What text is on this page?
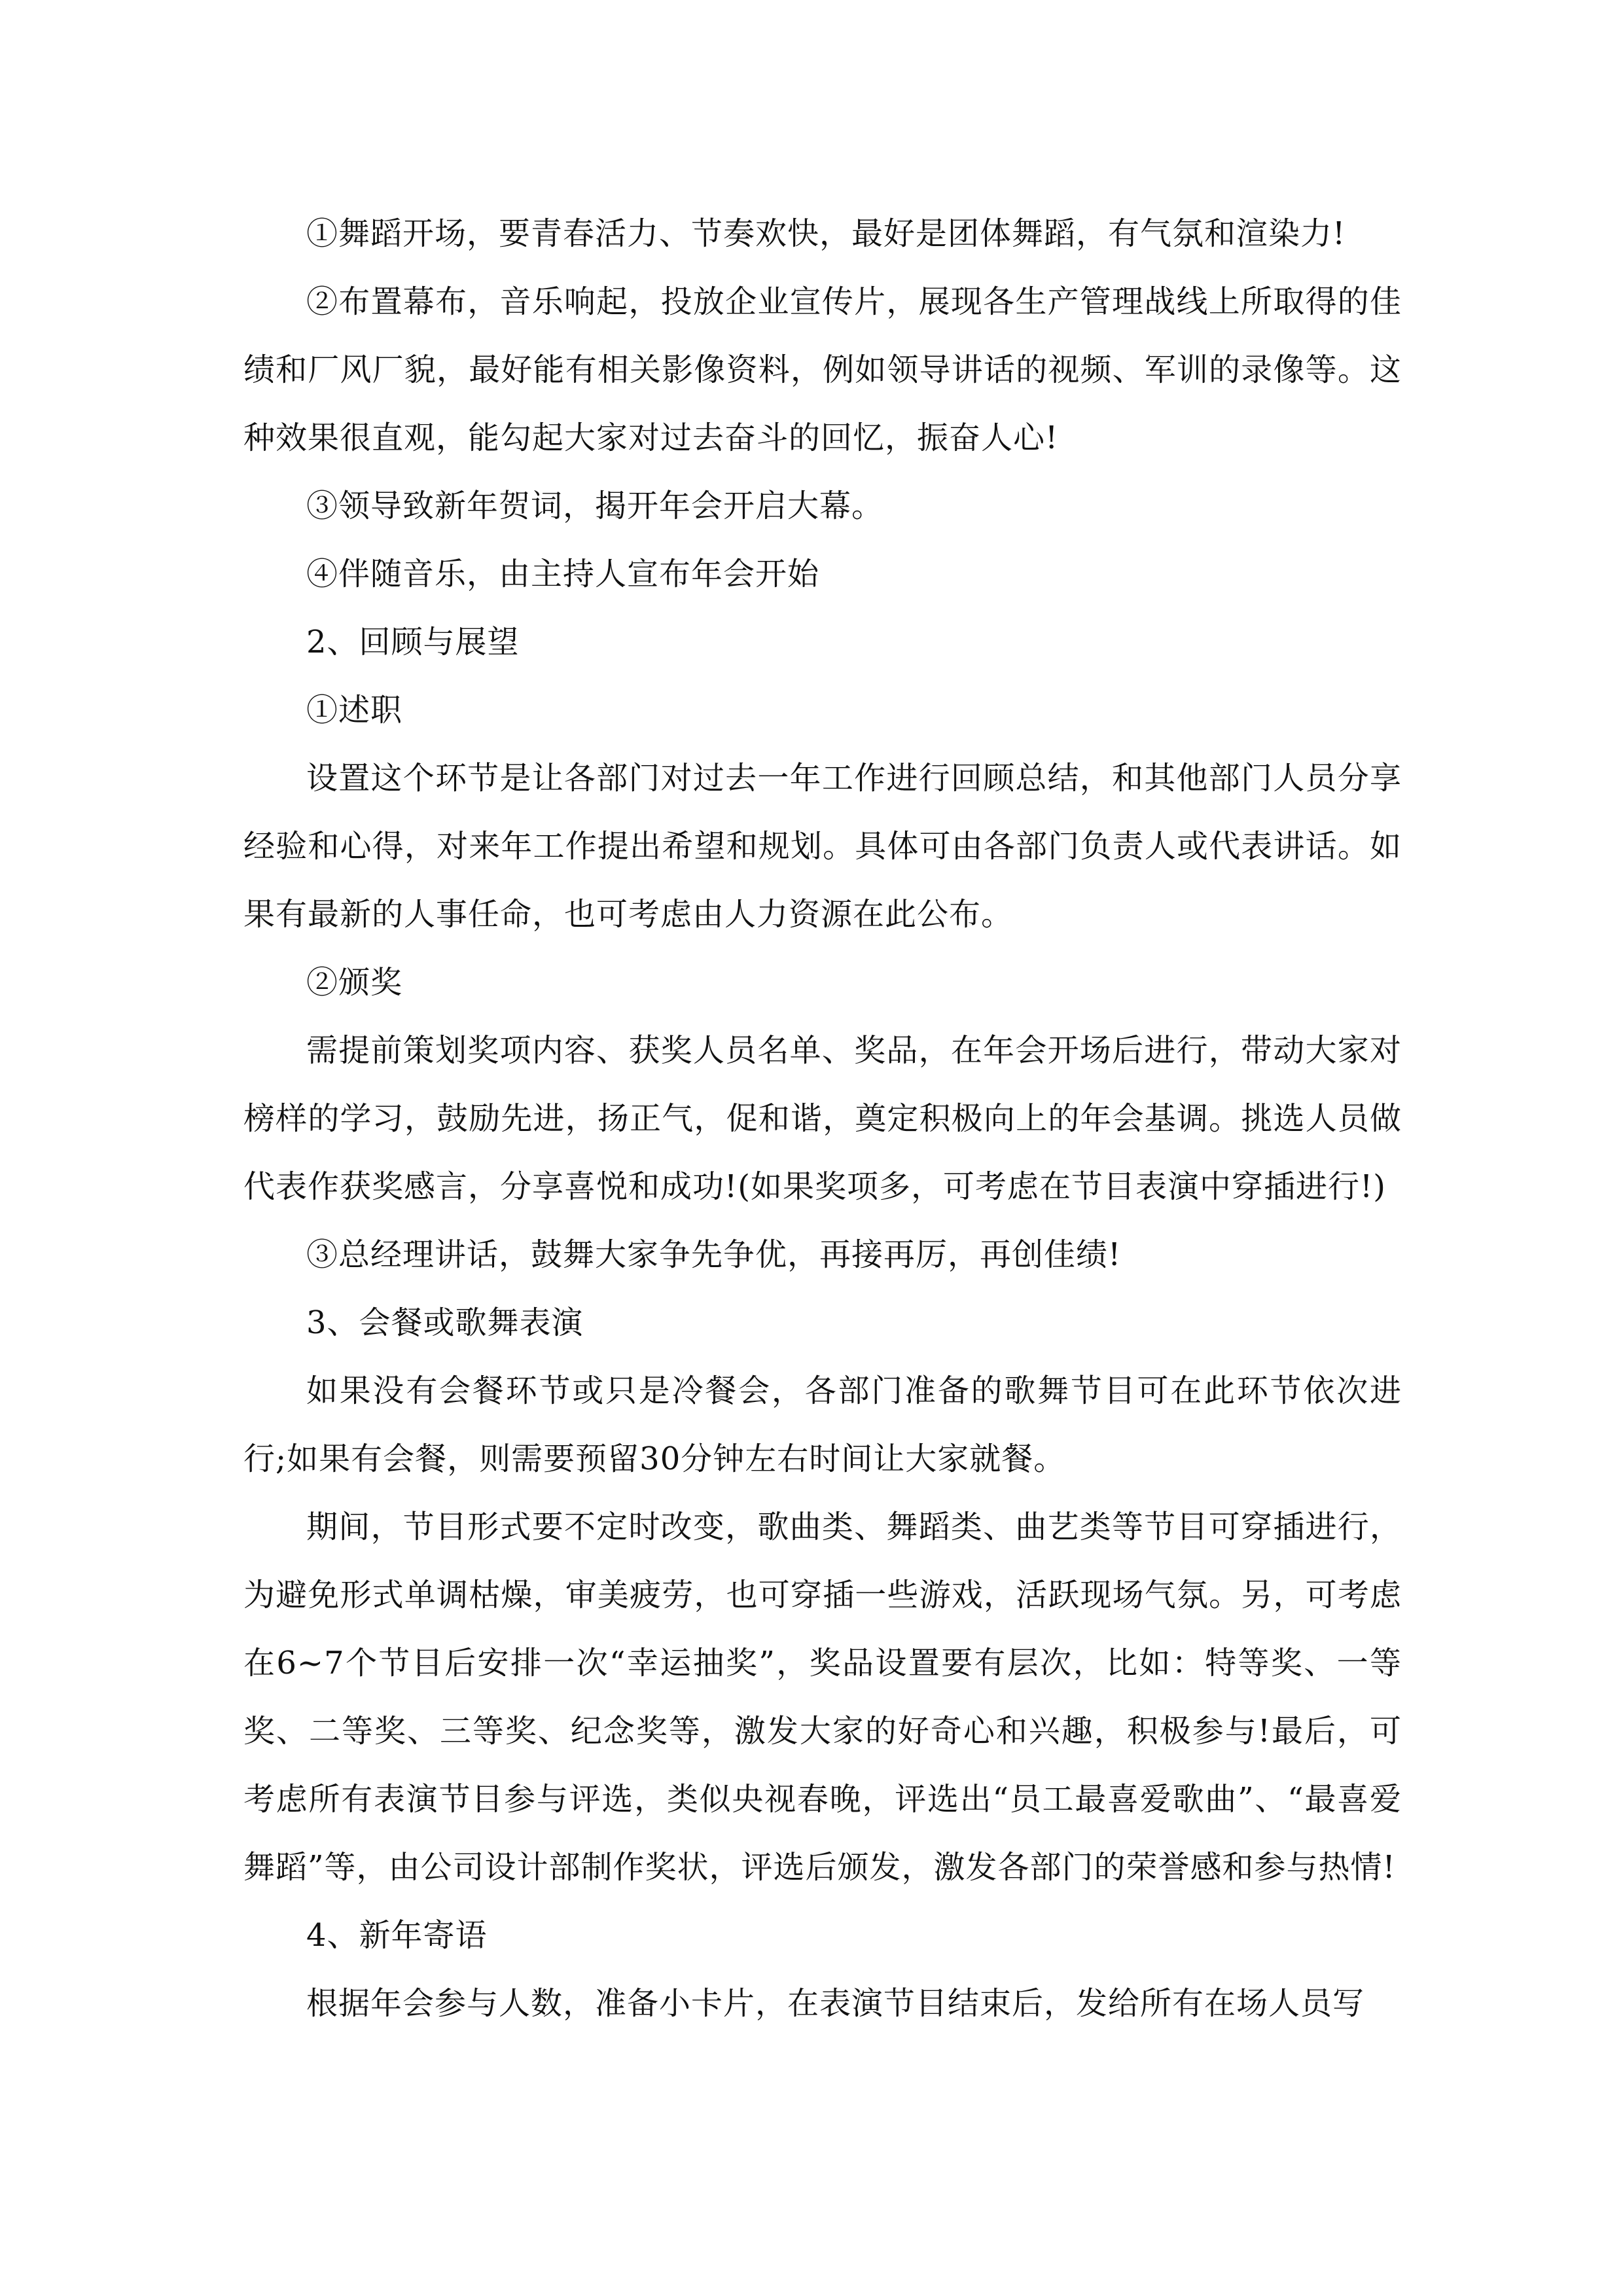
①舞蹈开场，要青春活力、节奏欢快，最好是团体舞蹈，有气氛和渲染力!

②布置幕布，音乐响起，投放企业宣传片，展现各生产管理战线上所取得的佳绩和厂风厂貌，最好能有相关影像资料，例如领导讲话的视频、军训的录像等。这种效果很直观，能勾起大家对过去奋斗的回忆，振奋人心!

③领导致新年贺词，揭开年会开启大幕。

④伴随音乐，由主持人宣布年会开始

2、回顾与展望

①述职

设置这个环节是让各部门对过去一年工作进行回顾总结，和其他部门人员分享经验和心得，对来年工作提出希望和规划。具体可由各部门负责人或代表讲话。如果有最新的人事任命，也可考虑由人力资源在此公布。

②颁奖

需提前策划奖项内容、获奖人员名单、奖品，在年会开场后进行，带动大家对榜样的学习，鼓励先进，扬正气，促和谐，奠定积极向上的年会基调。挑选人员做代表作获奖感言，分享喜悦和成功!(如果奖项多，可考虑在节目表演中穿插进行!)

③总经理讲话，鼓舞大家争先争优，再接再厉，再创佳绩!

3、会餐或歌舞表演

如果没有会餐环节或只是冷餐会，各部门准备的歌舞节目可在此环节依次进行;如果有会餐，则需要预留30分钟左右时间让大家就餐。

期间，节目形式要不定时改变，歌曲类、舞蹈类、曲艺类等节目可穿插进行，为避免形式单调枯燥，审美疲劳，也可穿插一些游戏，活跃现场气氛。另，可考虑在6~7个节目后安排一次“幸运抽奖”，奖品设置要有层次，比如：特等奖、一等奖、二等奖、三等奖、纪念奖等，激发大家的好奇心和兴趣，积极参与!最后，可考虑所有表演节目参与评选，类似央视春晚，评选出“员工最喜爱歌曲”、“最喜爱舞蹈”等，由公司设计部制作奖状，评选后颁发，激发各部门的荣誉感和参与热情!

4、新年寄语

根据年会参与人数，准备小卡片，在表演节目结束后，发给所有在场人员写
